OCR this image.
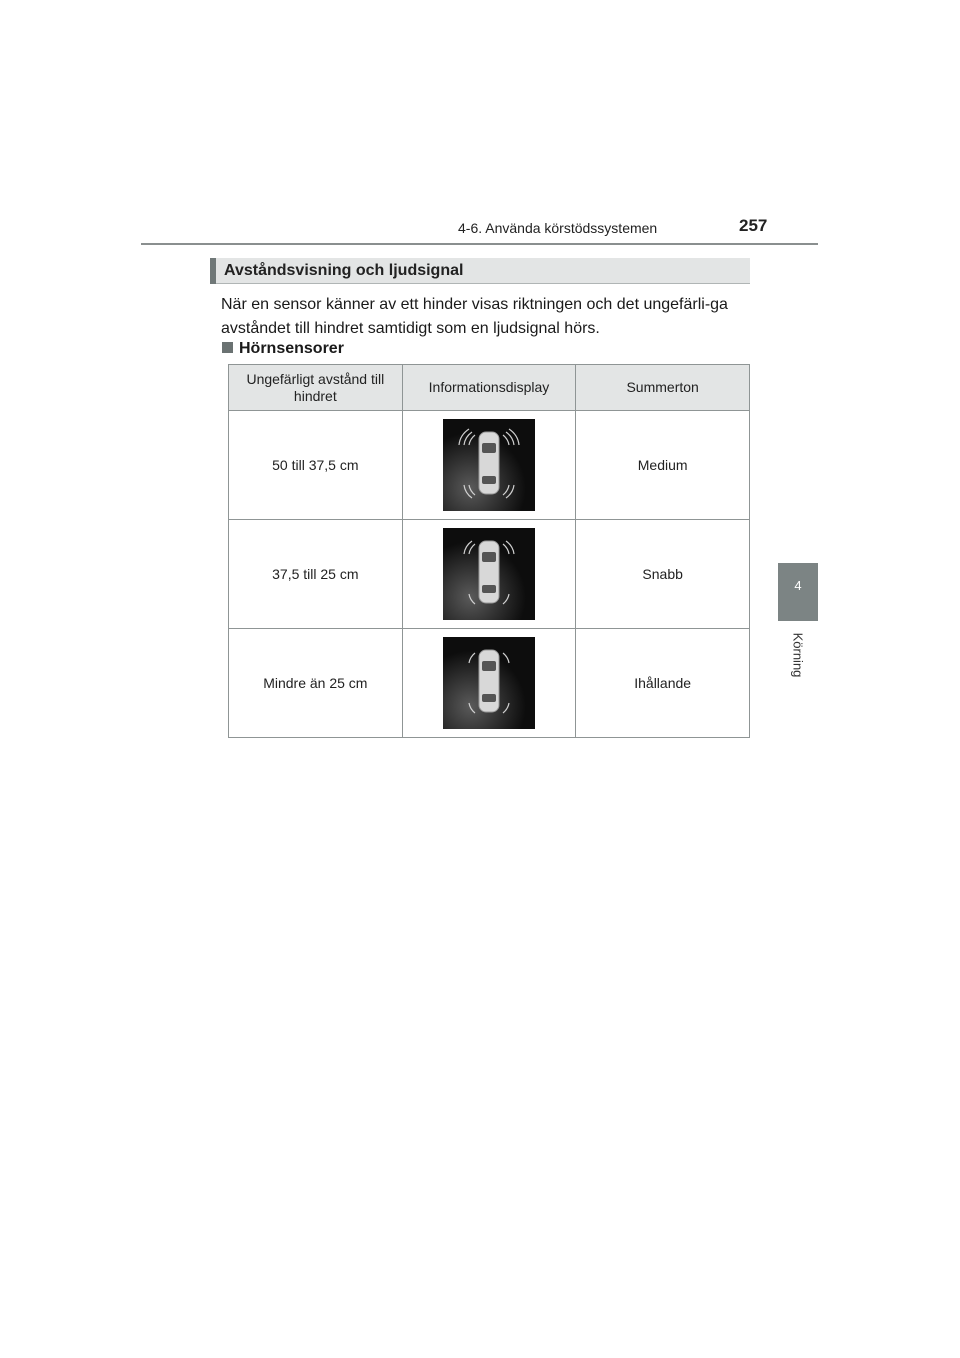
4-6. Använda körstödssystemen	257
4
Körning
Avståndsvisning och ljudsignal

När en sensor känner av ett hinder visas riktningen och det ungefärli-ga avståndet till hindret samtidigt som en ljudsignal hörs.

Hörnsensorer
Ungefärligt avstånd till hindret	Informationsdisplay	Summerton
50 till 37,5 cm		Medium
37,5 till 25 cm		Snabb
Mindre än 25 cm		Ihållande
